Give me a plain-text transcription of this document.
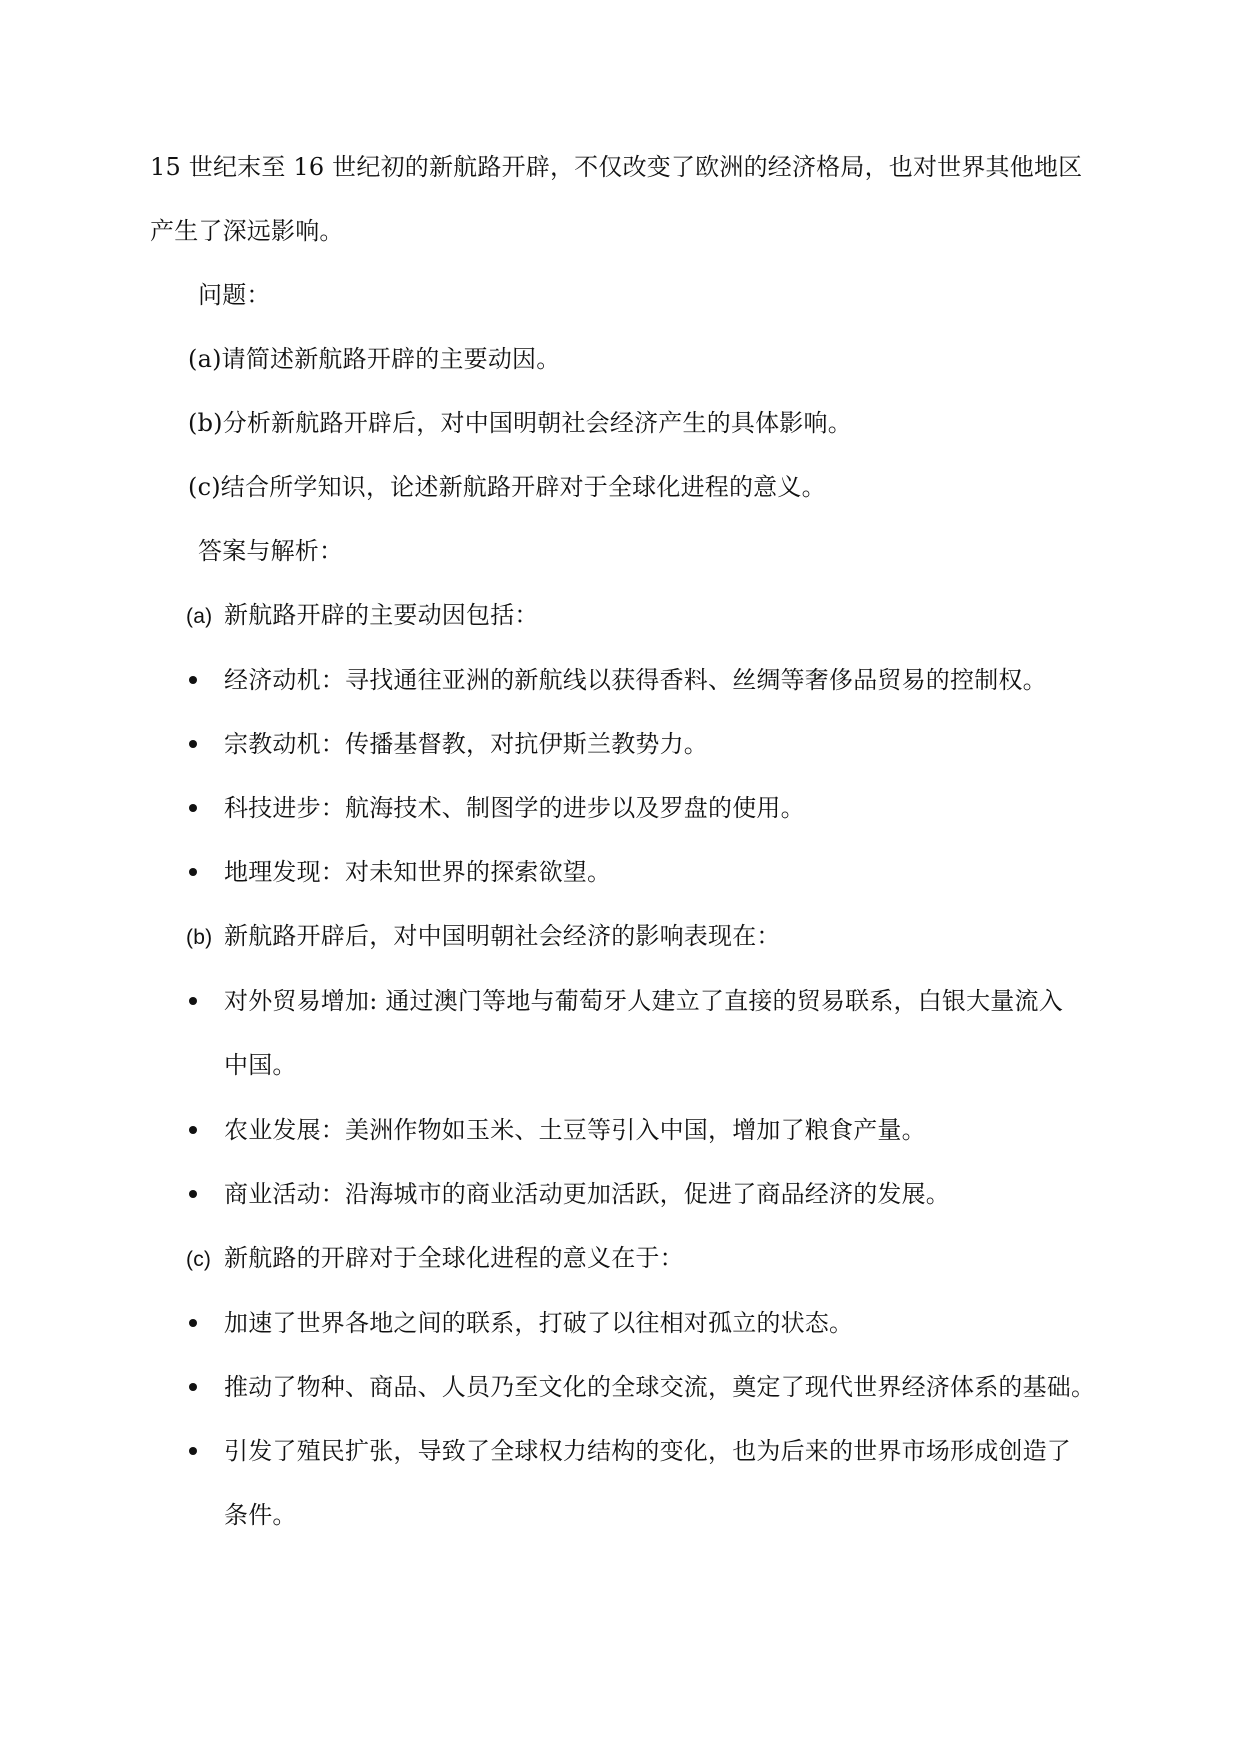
15 世纪末至 16 世纪初的新航路开辟，不仅改变了欧洲的经济格局，也对世界其他地区
产生了深远影响。
问题：
(a)请简述新航路开辟的主要动因。
(b)分析新航路开辟后，对中国明朝社会经济产生的具体影响。
(c)结合所学知识，论述新航路开辟对于全球化进程的意义。
答案与解析：
(a) 新航路开辟的主要动因包括：
经济动机：寻找通往亚洲的新航线以获得香料、丝绸等奢侈品贸易的控制权。
宗教动机：传播基督教，对抗伊斯兰教势力。
科技进步：航海技术、制图学的进步以及罗盘的使用。
地理发现：对未知世界的探索欲望。
(b) 新航路开辟后，对中国明朝社会经济的影响表现在：
对外贸易增加: 通过澳门等地与葡萄牙人建立了直接的贸易联系，白银大量流入
中国。
农业发展：美洲作物如玉米、土豆等引入中国，增加了粮食产量。
商业活动：沿海城市的商业活动更加活跃，促进了商品经济的发展。
(c) 新航路的开辟对于全球化进程的意义在于：
加速了世界各地之间的联系，打破了以往相对孤立的状态。
推动了物种、商品、人员乃至文化的全球交流，奠定了现代世界经济体系的基础。
引发了殖民扩张，导致了全球权力结构的变化，也为后来的世界市场形成创造了
条件。
